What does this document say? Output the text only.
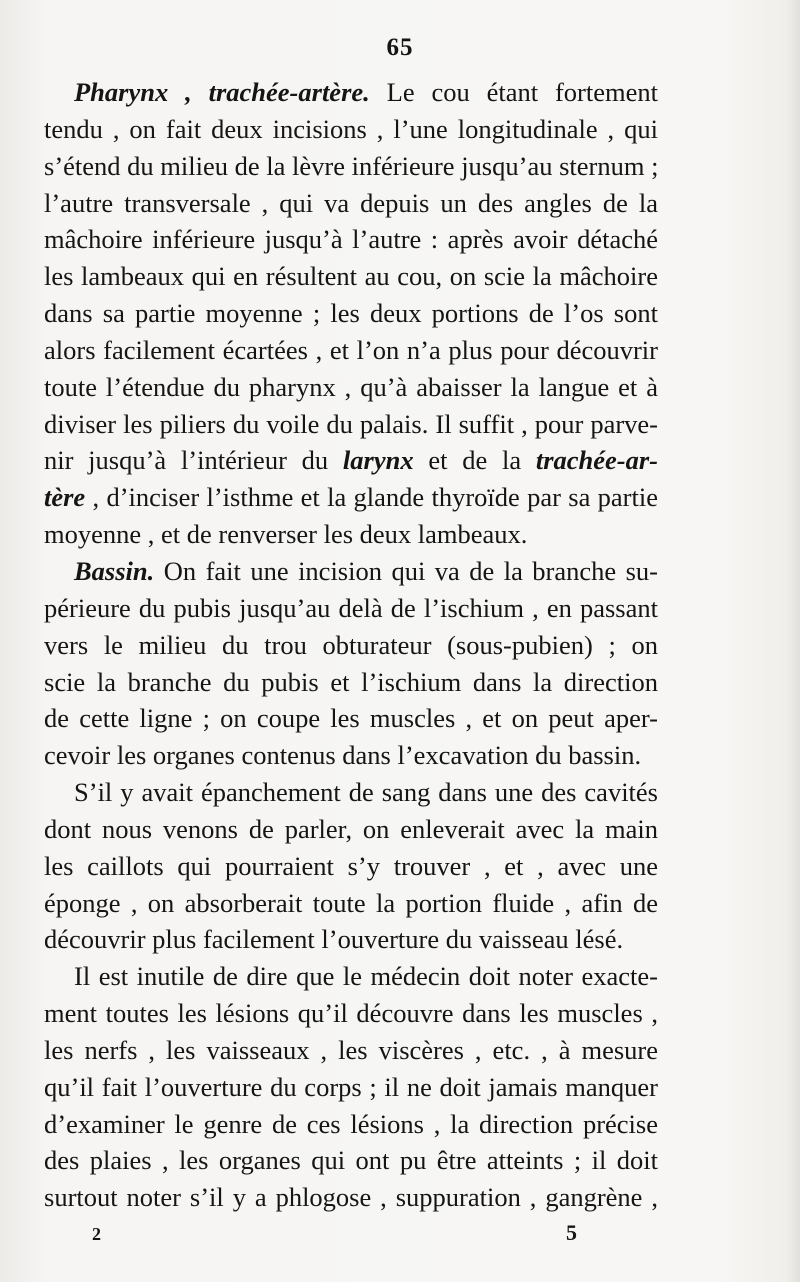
65
Pharynx , trachée-artère. Le cou étant fortement
tendu , on fait deux incisions , l’une longitudinale , qui
s’étend du milieu de la lèvre inférieure jusqu’au sternum ;
l’autre transversale , qui va depuis un des angles de la
mâchoire inférieure jusqu’à l’autre : après avoir détaché
les lambeaux qui en résultent au cou, on scie la mâchoire
dans sa partie moyenne ; les deux portions de l’os sont
alors facilement écartées , et l’on n’a plus pour découvrir
toute l’étendue du pharynx , qu’à abaisser la langue et à
diviser les piliers du voile du palais. Il suffit , pour parve-
nir jusqu’à l’intérieur du larynx et de la trachée-ar-
tère , d’inciser l’isthme et la glande thyroïde par sa partie
moyenne , et de renverser les deux lambeaux.
Bassin. On fait une incision qui va de la branche su-
périeure du pubis jusqu’au delà de l’ischium , en passant
vers le milieu du trou obturateur (sous-pubien) ; on
scie la branche du pubis et l’ischium dans la direction
de cette ligne ; on coupe les muscles , et on peut aper-
cevoir les organes contenus dans l’excavation du bassin.
S’il y avait épanchement de sang dans une des cavités
dont nous venons de parler, on enleverait avec la main
les caillots qui pourraient s’y trouver , et , avec une
éponge , on absorberait toute la portion fluide , afin de
découvrir plus facilement l’ouverture du vaisseau lésé.
Il est inutile de dire que le médecin doit noter exacte-
ment toutes les lésions qu’il découvre dans les muscles ,
les nerfs , les vaisseaux , les viscères , etc. , à mesure
qu’il fait l’ouverture du corps ; il ne doit jamais manquer
d’examiner le genre de ces lésions , la direction précise
des plaies , les organes qui ont pu être atteints ; il doit
surtout noter s’il y a phlogose , suppuration , gangrène ,
2	5
